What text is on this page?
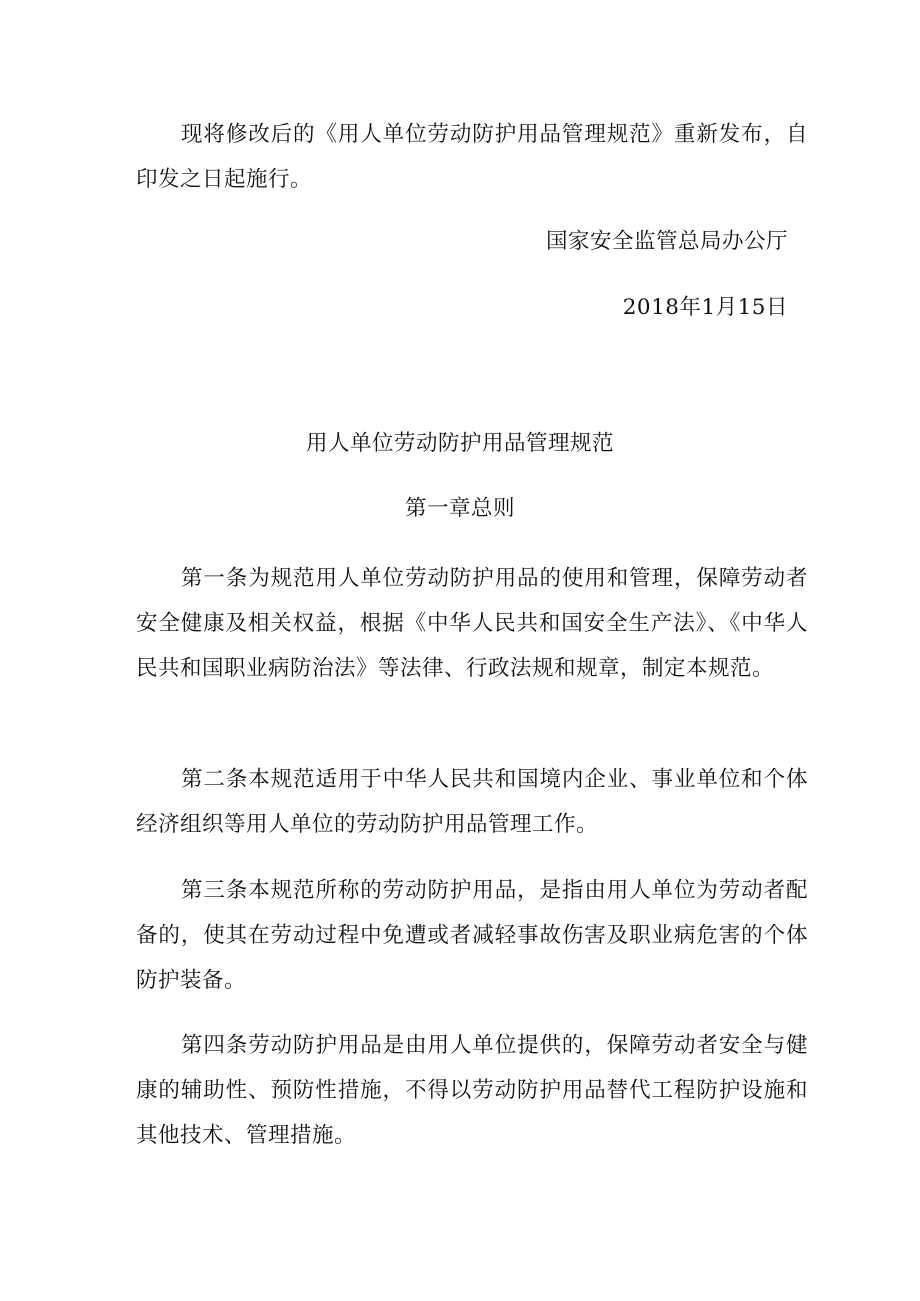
现将修改后的《用人单位劳动防护用品管理规范》重新发布，自印发之日起施行。

国家安全监管总局办公厅

2018年1月15日

用人单位劳动防护用品管理规范

第一章总则

第一条为规范用人单位劳动防护用品的使用和管理，保障劳动者安全健康及相关权益，根据《中华人民共和国安全生产法》、《中华人民共和国职业病防治法》等法律、行政法规和规章，制定本规范。

第二条本规范适用于中华人民共和国境内企业、事业单位和个体经济组织等用人单位的劳动防护用品管理工作。

第三条本规范所称的劳动防护用品，是指由用人单位为劳动者配备的，使其在劳动过程中免遭或者减轻事故伤害及职业病危害的个体防护装备。

第四条劳动防护用品是由用人单位提供的，保障劳动者安全与健康的辅助性、预防性措施，不得以劳动防护用品替代工程防护设施和其他技术、管理措施。
